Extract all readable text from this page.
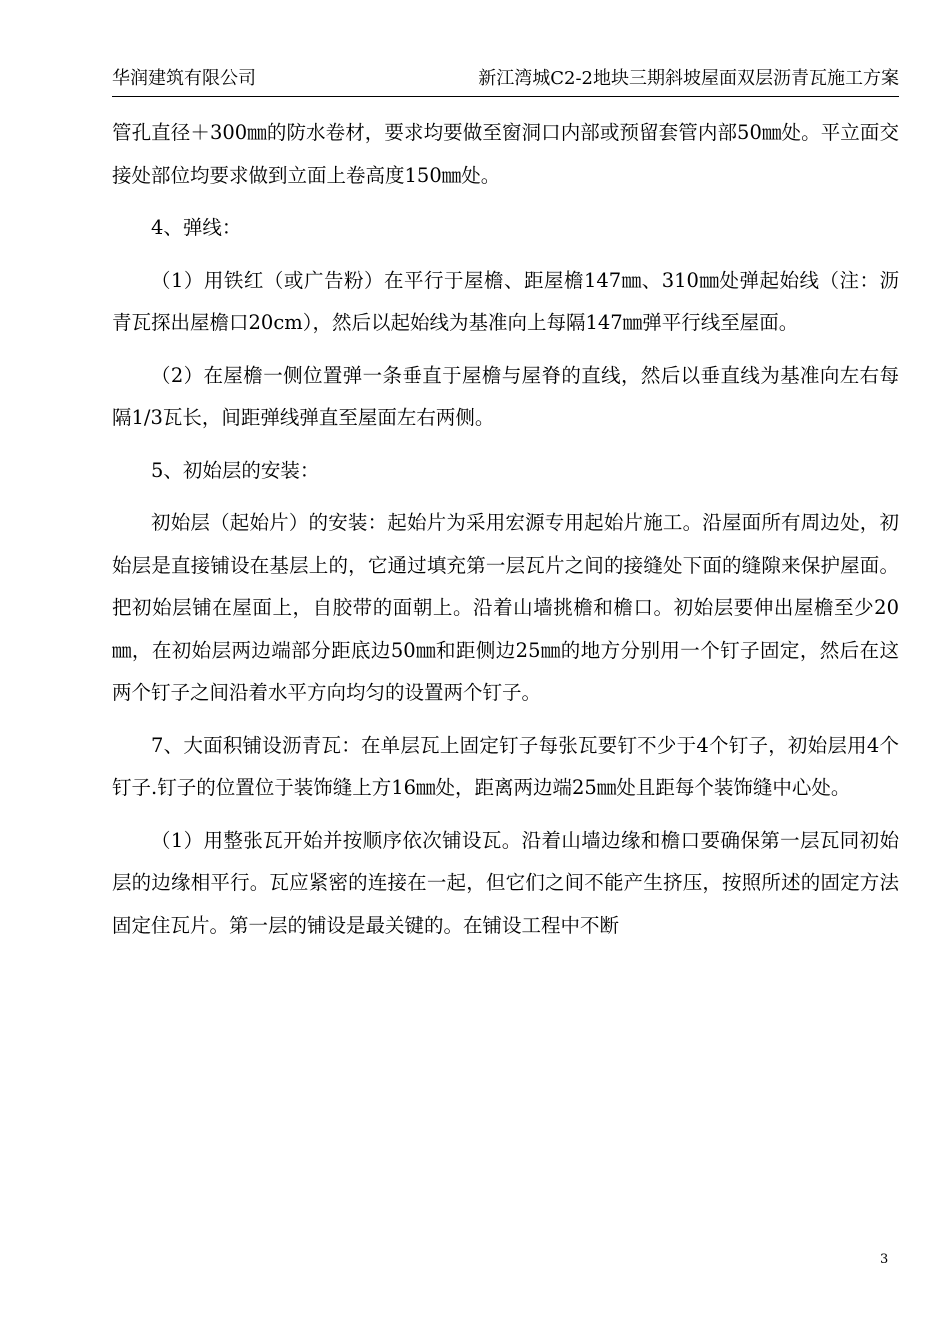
华润建筑有限公司	新江湾城C2-2地块三期斜坡屋面双层沥青瓦施工方案

管孔直径＋300㎜的防水卷材，要求均要做至窗洞口内部或预留套管内部50㎜处。平立面交接处部位均要求做到立面上卷高度150㎜处。

4、弹线：

（1）用铁红（或广告粉）在平行于屋檐、距屋檐147㎜、310㎜处弹起始线（注：沥青瓦探出屋檐口20cm），然后以起始线为基准向上每隔147㎜弹平行线至屋面。

（2）在屋檐一侧位置弹一条垂直于屋檐与屋脊的直线，然后以垂直线为基准向左右每隔1/3瓦长，间距弹线弹直至屋面左右两侧。

5、初始层的安装：

初始层（起始片）的安装：起始片为采用宏源专用起始片施工。沿屋面所有周边处，初始层是直接铺设在基层上的，它通过填充第一层瓦片之间的接缝处下面的缝隙来保护屋面。把初始层铺在屋面上，自胶带的面朝上。沿着山墙挑檐和檐口。初始层要伸出屋檐至少20㎜，在初始层两边端部分距底边50㎜和距侧边25㎜的地方分别用一个钉子固定，然后在这两个钉子之间沿着水平方向均匀的设置两个钉子。

7、大面积铺设沥青瓦：在单层瓦上固定钉子每张瓦要钉不少于4个钉子，初始层用4个钉子.钉子的位置位于装饰缝上方16㎜处，距离两边端25㎜处且距每个装饰缝中心处。

（1）用整张瓦开始并按顺序依次铺设瓦。沿着山墙边缘和檐口要确保第一层瓦同初始层的边缘相平行。瓦应紧密的连接在一起，但它们之间不能产生挤压，按照所述的固定方法固定住瓦片。第一层的铺设是最关键的。在铺设工程中不断

3
